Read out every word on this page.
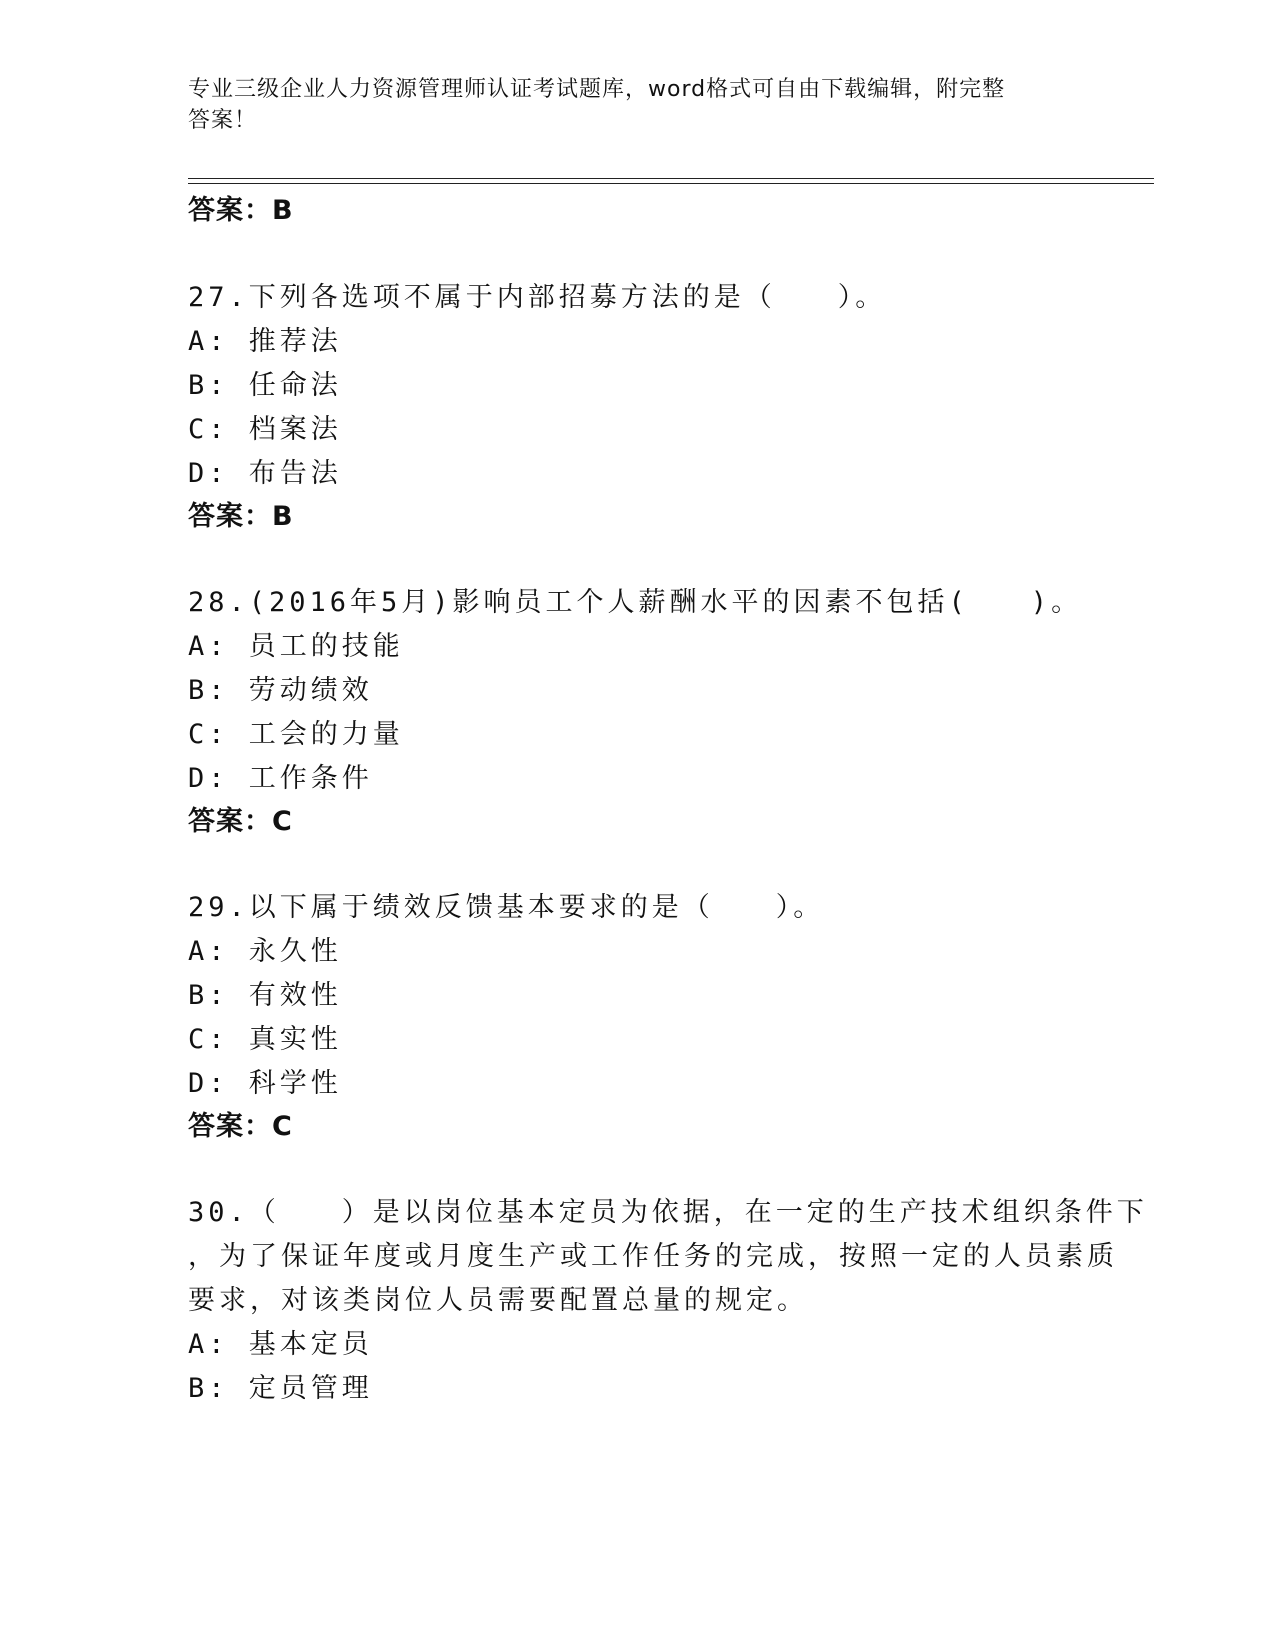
专业三级企业人力资源管理师认证考试题库，word格式可自由下载编辑，附完整
答案！
答案：B
27.下列各选项不属于内部招募方法的是（　　）。
A: 推荐法
B: 任命法
C: 档案法
D: 布告法
答案：B
28.(2016年5月)影响员工个人薪酬水平的因素不包括(　　)。
A: 员工的技能
B: 劳动绩效
C: 工会的力量
D: 工作条件
答案：C
29.以下属于绩效反馈基本要求的是（　　）。
A: 永久性
B: 有效性
C: 真实性
D: 科学性
答案：C
30.（　　）是以岗位基本定员为依据，在一定的生产技术组织条件下
，为了保证年度或月度生产或工作任务的完成，按照一定的人员素质
要求，对该类岗位人员需要配置总量的规定。
A: 基本定员
B: 定员管理
